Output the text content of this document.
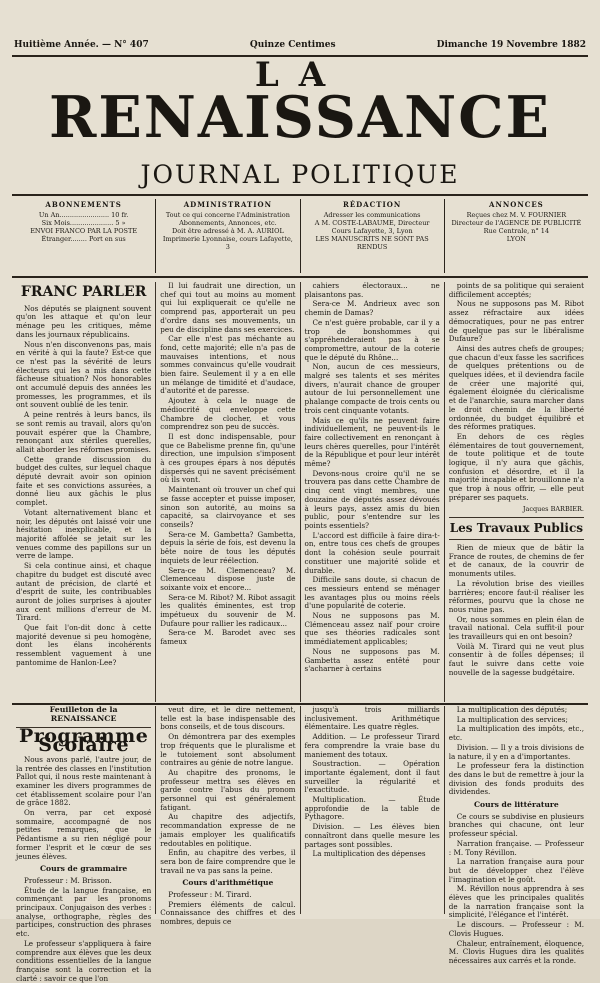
Huitième Année. — N° 407	Quinze Centimes	Dimanche 19 Novembre 1882
LA
RENAISSANCE
JOURNAL POLITIQUE
ABONNEMENTS

Un An........................ 10 fr.

Six Mois..................... 5 »

ENVOI FRANCO PAR LA POSTE

Étranger........ Port en sus

ADMINISTRATION

Tout ce qui concerne l'Administration

Abonnements, Annonces, etc.

Doit être adressé à M. A. AURIOL

Imprimerie Lyonnaise, cours Lafayette, 3

RÉDACTION

Adresser les communications

A M. COSTE-LABAUME, Directeur

Cours Lafayette, 3, Lyon

LES MANUSCRITS NE SONT PAS RENDUS

ANNONCES

Reçues chez M. V. FOURNIER

Directeur de l'AGENCE DE PUBLICITÉ

Rue Centrale, n° 14

LYON

FRANC PARLER

Nos députés se plaignent souvent qu'on les attaque et qu'on leur ménage peu les critiques, même dans les journaux républicains.

Nous n'en disconvenons pas, mais en vérité à qui la faute? Est-ce que ce n'est pas la sévérité de leurs électeurs qui les a mis dans cette fâcheuse situation? Nos honorables ont accumulé depuis des années les promesses, les programmes, et ils ont souvent oublié de les tenir.

A peine rentrés à leurs bancs, ils se sont remis au travail, alors qu'on pouvait espérer que la Chambre, renonçant aux stériles querelles, allait aborder les réformes promises.

Cette grande discussion du budget des cultes, sur lequel chaque député devrait avoir son opinion faite et ses convictions assurées, a donné lieu aux gâchis le plus complet.

Votant alternativement blanc et noir, les députés ont laissé voir une hésitation inexplicable, et la majorité affolée se jetait sur les venues comme des papillons sur un verre de lampe.

Si cela continue ainsi, et chaque chapitre du budget est discuté avec autant de précision, de clarté et d'esprit de suite, les contribuables auront de jolies surprises à ajouter aux cent millions d'erreur de M. Tirard.

Que fait l'on-dit donc à cette majorité devenue si peu homogène, dont les élans incohérents ressemblent vaguement à une pantomime de Hanlon-Lee?

Il lui faudrait une direction, un chef qui tout au moins au moment qui lui expliquerait ce qu'elle ne comprend pas, apporterait un peu d'ordre dans ses mouvements, un peu de discipline dans ses exercices.

Car elle n'est pas méchante au fond, cette majorité; elle n'a pas de mauvaises intentions, et nous sommes convaincus qu'elle voudrait bien faire. Seulement il y a en elle un mélange de timidité et d'audace, d'autorité et de paresse.

Ajoutez à cela le nuage de médiocrité qui enveloppe cette Chambre de clocher, et vous comprendrez son peu de succès.

Il est donc indispensable, pour que ce Babelisme prenne fin, qu'une direction, une impulsion s'imposent à ces groupes épars à nos députés dispersés qui ne savent précisément où ils vont.

Maintenant où trouver un chef qui se fasse accepter et puisse imposer, sinon son autorité, au moins sa capacité, sa clairvoyance et ses conseils?

Sera-ce M. Gambetta? Gambetta, depuis la série de fois, est devenu la bête noire de tous les députés inquiets de leur réélection.

Sera-ce M. Clemenceau? M. Clemenceau dispose juste de soixante voix et encore...

Sera-ce M. Ribot? M. Ribot assagit les qualités éminentes, est trop impétueux du souvenir de M. Dufaure pour rallier les radicaux...

Sera-ce M. Barodet avec ses fameux

cahiers électoraux... ne plaisantons pas.

Sera-ce M. Andrieux avec son chemin de Damas?

Ce n'est guère probable, car il y a trop de bonshommes qui s'appréhenderaient pas à se compromettre, autour de la coterie que le député du Rhône...

Non, aucun de ces messieurs, malgré ses talents et ses mérites divers, n'aurait chance de grouper autour de lui personnellement une phalange compacte de trois cents ou trois cent cinquante votants.

Mais ce qu'ils ne peuvent faire individuellement, ne peuvent-ils le faire collectivement en renonçant à leurs chères querelles, pour l'intérêt de la République et pour leur intérêt même?

Devons-nous croire qu'il ne se trouvera pas dans cette Chambre de cinq cent vingt membres, une douzaine de députés assez dévoués à leurs pays, assez amis du bien public, pour s'entendre sur les points essentiels?

L'accord est difficile à faire dira-t-on, entre tous ces chefs de groupes dont la cohésion seule pourrait constituer une majorité solide et durable.

Difficile sans doute, si chacun de ces messieurs entend se ménager les avantages plus ou moins réels d'une popularité de coterie.

Nous ne supposons pas M. Clémenceau assez naïf pour croire que ses théories radicales sont immédiatement applicables;

Nous ne supposons pas M. Gambetta assez entêté pour s'acharner à certains

points de sa politique qui seraient difficilement acceptés;

Nous ne supposons pas M. Ribot assez réfractaire aux idées démocratiques, pour ne pas entrer de quelque pas sur le libéralisme Dufaure?

Ainsi des autres chefs de groupes; que chacun d'eux fasse les sacrifices de quelques prétentions ou de quelques idées, et il deviendra facile de créer une majorité qui, également éloignée du cléricalisme et de l'anarchie, saura marcher dans le droit chemin de la liberté ordonnée, du budget équilibré et des réformes pratiques.

En dehors de ces règles élémentaires de tout gouvernement, de toute politique et de toute logique, il n'y aura que gâchis, confusion et désordre, et il la majorité incapable et brouillonne n'a que trop à nous offrir, — elle peut préparer ses paquets.

Jacques BARBIER.
Les Travaux Publics

Rien de mieux que de bâtir la France de routes, de chemins de fer et de canaux, de la couvrir de monuments utiles.

La révolution brise des vieilles barrières; encore faut-il réaliser les réformes, pourvu que la chose ne nous ruine pas.

Or, nous sommes en plein élan de travail national. Cela suffit-il pour les travailleurs qui en ont besoin?

Voilà M. Tirard qui ne veut plus consentir à de folles dépenses; il faut le suivre dans cette voie nouvelle de la sagesse budgétaire.

Feuilleton de la RENAISSANCE
Programme Scolaire

Nous avons parlé, l'autre jour, de la rentrée des classes en l'institution Pallot qui, il nous reste maintenant à examiner les divers programmes de cet établissement scolaire pour l'an de grâce 1882.

On verra, par cet exposé sommaire, accompagné de nos petites remarques, que le Pédantisme a su rien négligé pour former l'esprit et le cœur de ses jeunes élèves.

Cours de grammaire

Professeur : M. Brisson.

Étude de la langue française, en commençant par les pronoms principaux. Conjugaison des verbes : analyse, orthographe, règles des participes, construction des phrases etc.

Le professeur s'appliquera à faire comprendre aux élèves que les deux conditions essentielles de la langue française sont la correction et la clarté : savoir ce que l'on

veut dire, et le dire nettement, telle est la base indispensable des bons conseils, et de tous discours.

On démontrera par des exemples trop fréquents que le pluralisme et le tutoiement sont absolument contraires au génie de notre langue.

Au chapitre des pronoms, le professeur mettra ses élèves en garde contre l'abus du pronom personnel qui est généralement fatigant.

Au chapitre des adjectifs, recommandation expresse de ne jamais employer les qualificatifs redoutables en politique.

Enfin, au chapitre des verbes, il sera bon de faire comprendre que le travail ne va pas sans la peine.

Cours d'arithmétique

Professeur : M. Tirard.

Premiers éléments de calcul. Connaissance des chiffres et des nombres, depuis ce

jusqu'à trois milliards inclusivement. Arithmétique élémentaire. Les quatre règles.

Addition. — Le professeur Tirard fera comprendre la vraie base du maniement des totaux.

Soustraction. — Opération importante également, dont il faut surveiller la régularité et l'exactitude.

Multiplication. — Étude approfondie de la table de Pythagore.

Division. — Les élèves bien connaîtront dans quelle mesure les partages sont possibles.

La multiplication des dépenses

La multiplication des députés;

La multiplication des services;

La multiplication des impôts, etc., etc.

Division. — Il y a trois divisions de la nature, il y en a d'importantes.

Le professeur fera la distinction des dans le but de remettre à jour la division des fonds produits des dividendes.

Cours de littérature

Ce cours se subdivise en plusieurs branches qui chacune, ont leur professeur spécial.

Narration française. — Professeur : M. Tony Révillon.

La narration française aura pour but de développer chez l'élève l'imagination et le goût.

M. Révillon nous apprendra à ses élèves que les principales qualités de la narration française sont la simplicité, l'élégance et l'intérêt.

Le discours. — Professeur : M. Clovis Hugues.

Chaleur, entraînement, éloquence, M. Clovis Hugues dira les qualités nécessaires aux carrés et la ronde.
